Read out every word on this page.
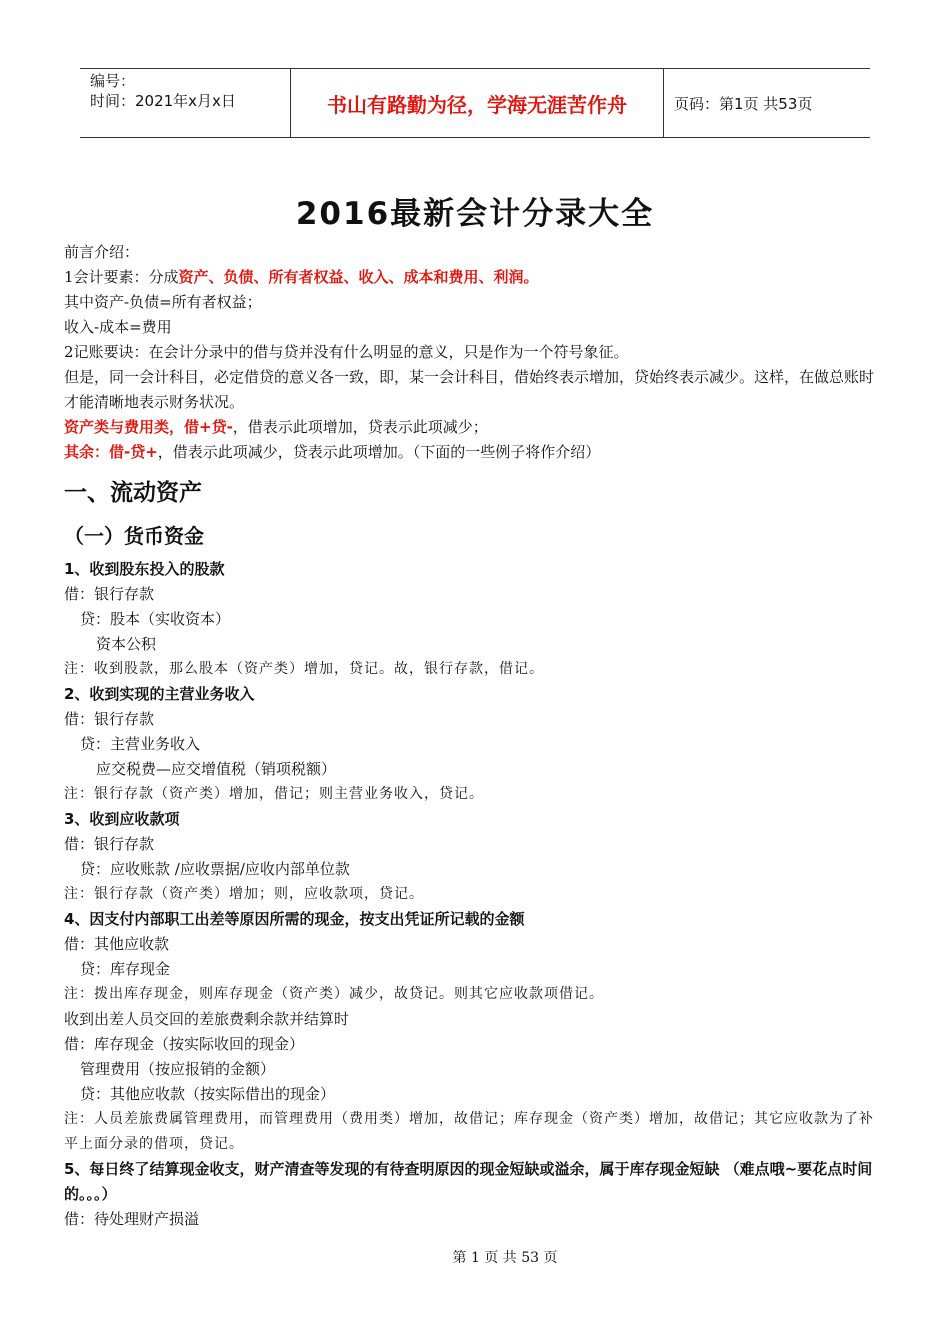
编号：
时间：2021年x月x日	书山有路勤为径，学海无涯苦作舟	页码：第1页 共53页
2016最新会计分录大全

前言介绍：

1会计要素：分成资产、负债、所有者权益、收入、成本和费用、利润。

其中资产-负债=所有者权益；

收入-成本=费用

2记账要诀：在会计分录中的借与贷并没有什么明显的意义，只是作为一个符号象征。

但是，同一会计科目，必定借贷的意义各一致，即，某一会计科目，借始终表示增加，贷始终表示减少。这样，在做总账时才能清晰地表示财务状况。

资产类与费用类，借+贷-，借表示此项增加，贷表示此项减少；

其余：借-贷+，借表示此项减少，贷表示此项增加。（下面的一些例子将作介绍）

一、流动资产

（一）货币资金

1、收到股东投入的股款

借：银行存款

贷：股本（实收资本）

资本公积

注：收到股款，那么股本（资产类）增加，贷记。故，银行存款，借记。

2、收到实现的主营业务收入

借：银行存款

贷：主营业务收入

应交税费—应交增值税（销项税额）

注：银行存款（资产类）增加，借记；则主营业务收入，贷记。

3、收到应收款项

借：银行存款

贷：应收账款 /应收票据/应收内部单位款

注：银行存款（资产类）增加；则，应收款项，贷记。

4、因支付内部职工出差等原因所需的现金，按支出凭证所记载的金额

借：其他应收款

贷：库存现金

注：拨出库存现金，则库存现金（资产类）减少，故贷记。则其它应收款项借记。

收到出差人员交回的差旅费剩余款并结算时

借：库存现金（按实际收回的现金）

管理费用（按应报销的金额）

贷：其他应收款（按实际借出的现金）

注：人员差旅费属管理费用，而管理费用（费用类）增加，故借记；库存现金（资产类）增加，故借记；其它应收款为了补平上面分录的借项，贷记。

5、每日终了结算现金收支，财产清查等发现的有待查明原因的现金短缺或溢余，属于库存现金短缺 （难点哦~要花点时间的。。。）

借：待处理财产损溢

第 1 页 共 53 页
